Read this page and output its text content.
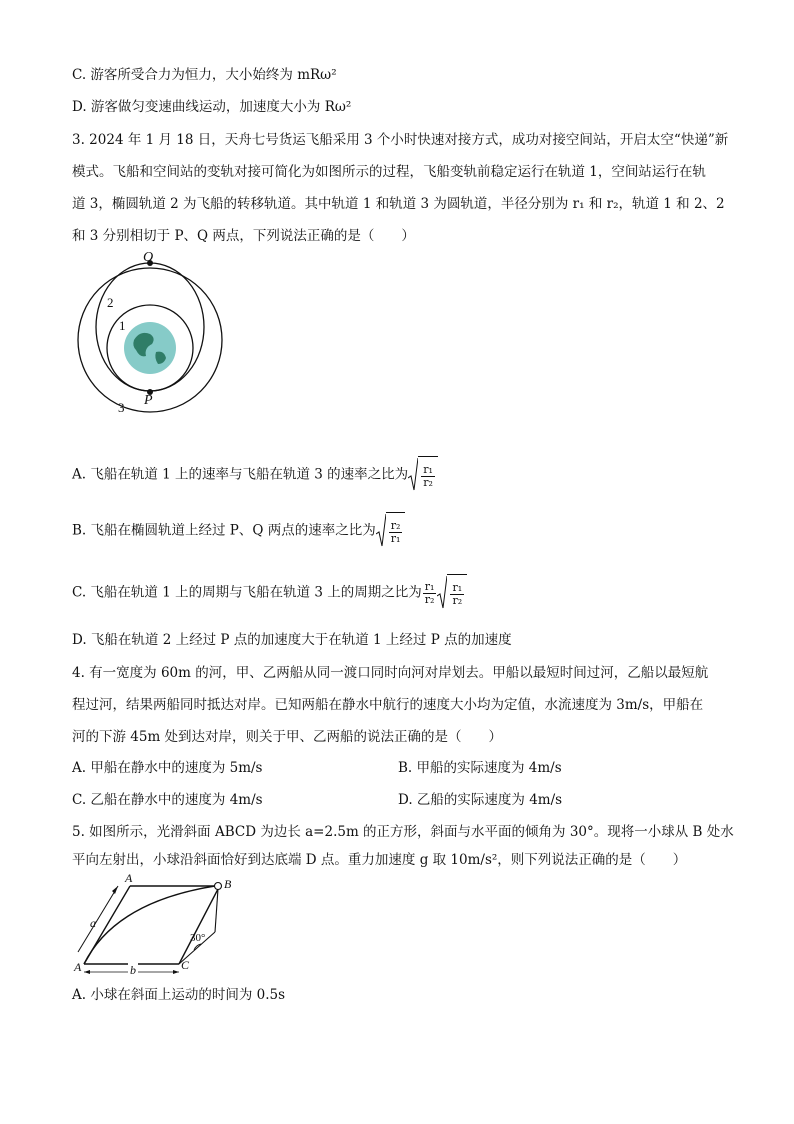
C. 游客所受合力为恒力，大小始终为 mRω²
D. 游客做匀变速曲线运动，加速度大小为 Rω²
3. 2024 年 1 月 18 日，天舟七号货运飞船采用 3 个小时快速对接方式，成功对接空间站，开启太空“快递”新
模式。飞船和空间站的变轨对接可简化为如图所示的过程，飞船变轨前稳定运行在轨道 1，空间站运行在轨
道 3，椭圆轨道 2 为飞船的转移轨道。其中轨道 1 和轨道 3 为圆轨道，半径分别为 r₁ 和 r₂，轨道 1 和 2、2
和 3 分别相切于 P、Q 两点，下列说法正确的是（　　）
Q
P
1
2
3
A. 飞船在轨道 1 上的速率与飞船在轨道 3 的速率之比为 $\frac{\text{r₁}}{\text{r₂}}$
B. 飞船在椭圆轨道上经过 P、Q 两点的速率之比为 $\frac{\text{r₂}}{\text{r₁}}$
C. 飞船在轨道 1 上的周期与飞船在轨道 3 上的周期之比为 $\frac{\text{r₁}}{\text{r₂}} \frac{\text{r₁}}{\text{r₂}}$
D. 飞船在轨道 2 上经过 P 点的加速度大于在轨道 1 上经过 P 点的加速度
4. 有一宽度为 60m 的河，甲、乙两船从同一渡口同时向河对岸划去。甲船以最短时间过河，乙船以最短航
程过河，结果两船同时抵达对岸。已知两船在静水中航行的速度大小均为定值，水流速度为 3m/s，甲船在
河的下游 45m 处到达对岸，则关于甲、乙两船的说法正确的是（　　）
A. 甲船在静水中的速度为 5m/s	B. 甲船的实际速度为 4m/s
C. 乙船在静水中的速度为 4m/s	D. 乙船的实际速度为 4m/s
5. 如图所示，光滑斜面 ABCD 为边长 a=2.5m 的正方形，斜面与水平面的倾角为 30°。现将一小球从 B 处水
平向左射出，小球沿斜面恰好到达底端 D 点。重力加速度 g 取 10m/s²，则下列说法正确的是（　　）
A	B
a
30°
A	b	C
A. 小球在斜面上运动的时间为 0.5s
